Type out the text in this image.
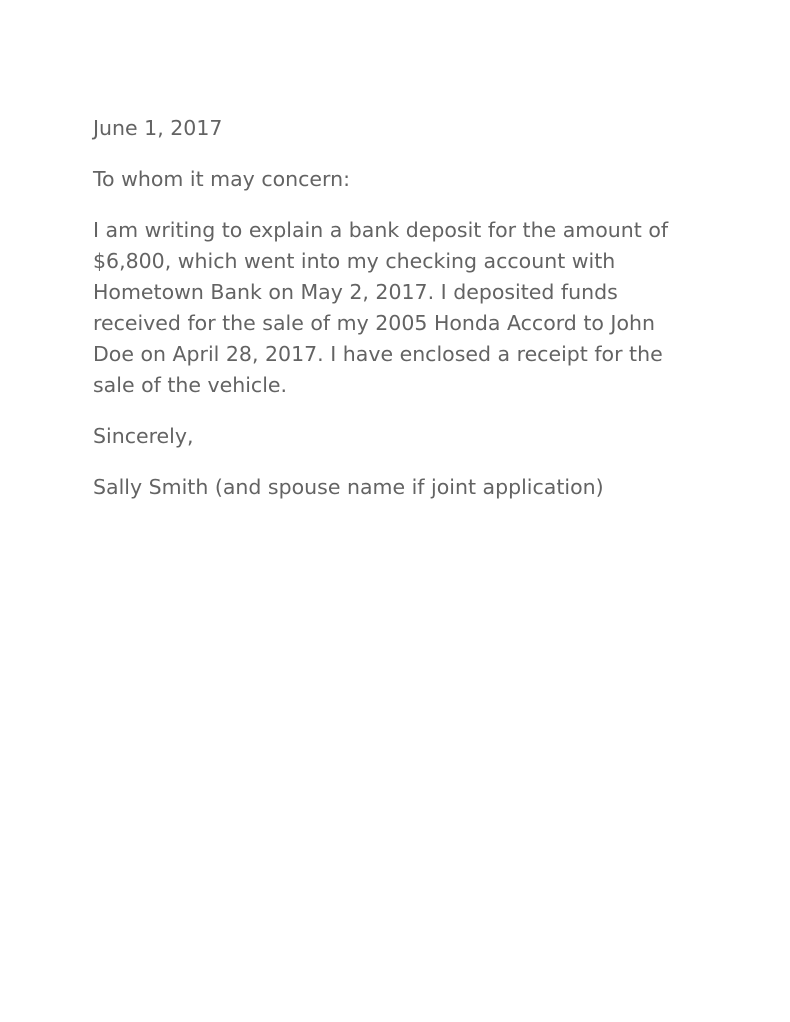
June 1, 2017

To whom it may concern:

I am writing to explain a bank deposit for the amount of
$6,800, which went into my checking account with
Hometown Bank on May 2, 2017. I deposited funds
received for the sale of my 2005 Honda Accord to John
Doe on April 28, 2017. I have enclosed a receipt for the
sale of the vehicle.

Sincerely,

Sally Smith (and spouse name if joint application)
